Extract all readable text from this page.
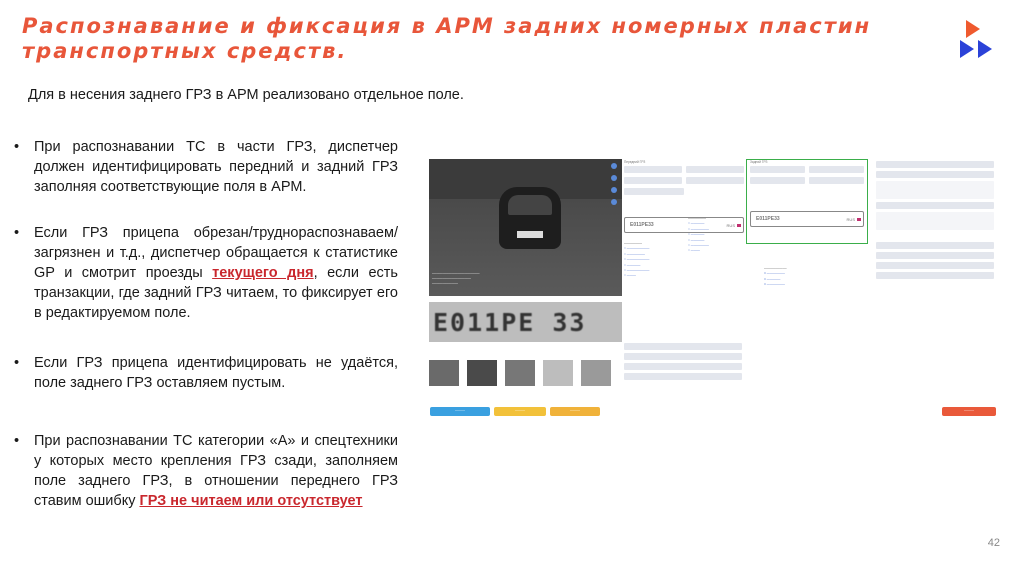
Распознавание и фиксация в АРМ задних номерных пластин транспортных средств.
Для в несения заднего ГРЗ в АРМ реализовано отдельное поле.
•	При распознавании ТС в части ГРЗ, диспетчер должен идентифицировать передний и задний ГРЗ заполняя соответствующие поля в АРМ.
•	Если ГРЗ прицепа обрезан/труднораспознаваем/загрязнен и т.д., диспетчер обращается к статистике GP и смотрит проезды текущего дня, если есть транзакции, где задний ГРЗ читаем, то фиксирует его в редактируемом поле.
•	Если ГРЗ прицепа идентифицировать не удаётся, поле заднего ГРЗ оставляем пустым.
•	При распознавании ТС категории «А» и спецтехники у которых место крепления ГРЗ сзади, заполняем поле заднего ГРЗ, в отношении переднего ГРЗ ставим ошибку ГРЗ не читаем или отсутствует
──────────────────────
──────────────────
────────────
E011PE 33
Передний ГРЗ
E011PE33	RUS
────────
○ ──────────
○ ────────
○ ──────────
○ ──────
○ ──────────
○ ────
────────
○ ──────
○ ────────
○ ──────
○ ──────
○ ────────
○ ────
Задний ГРЗ
E011PE33	RUS
──────────
□ ────────
□ ──────
□ ────────
────	────	────	────
42
